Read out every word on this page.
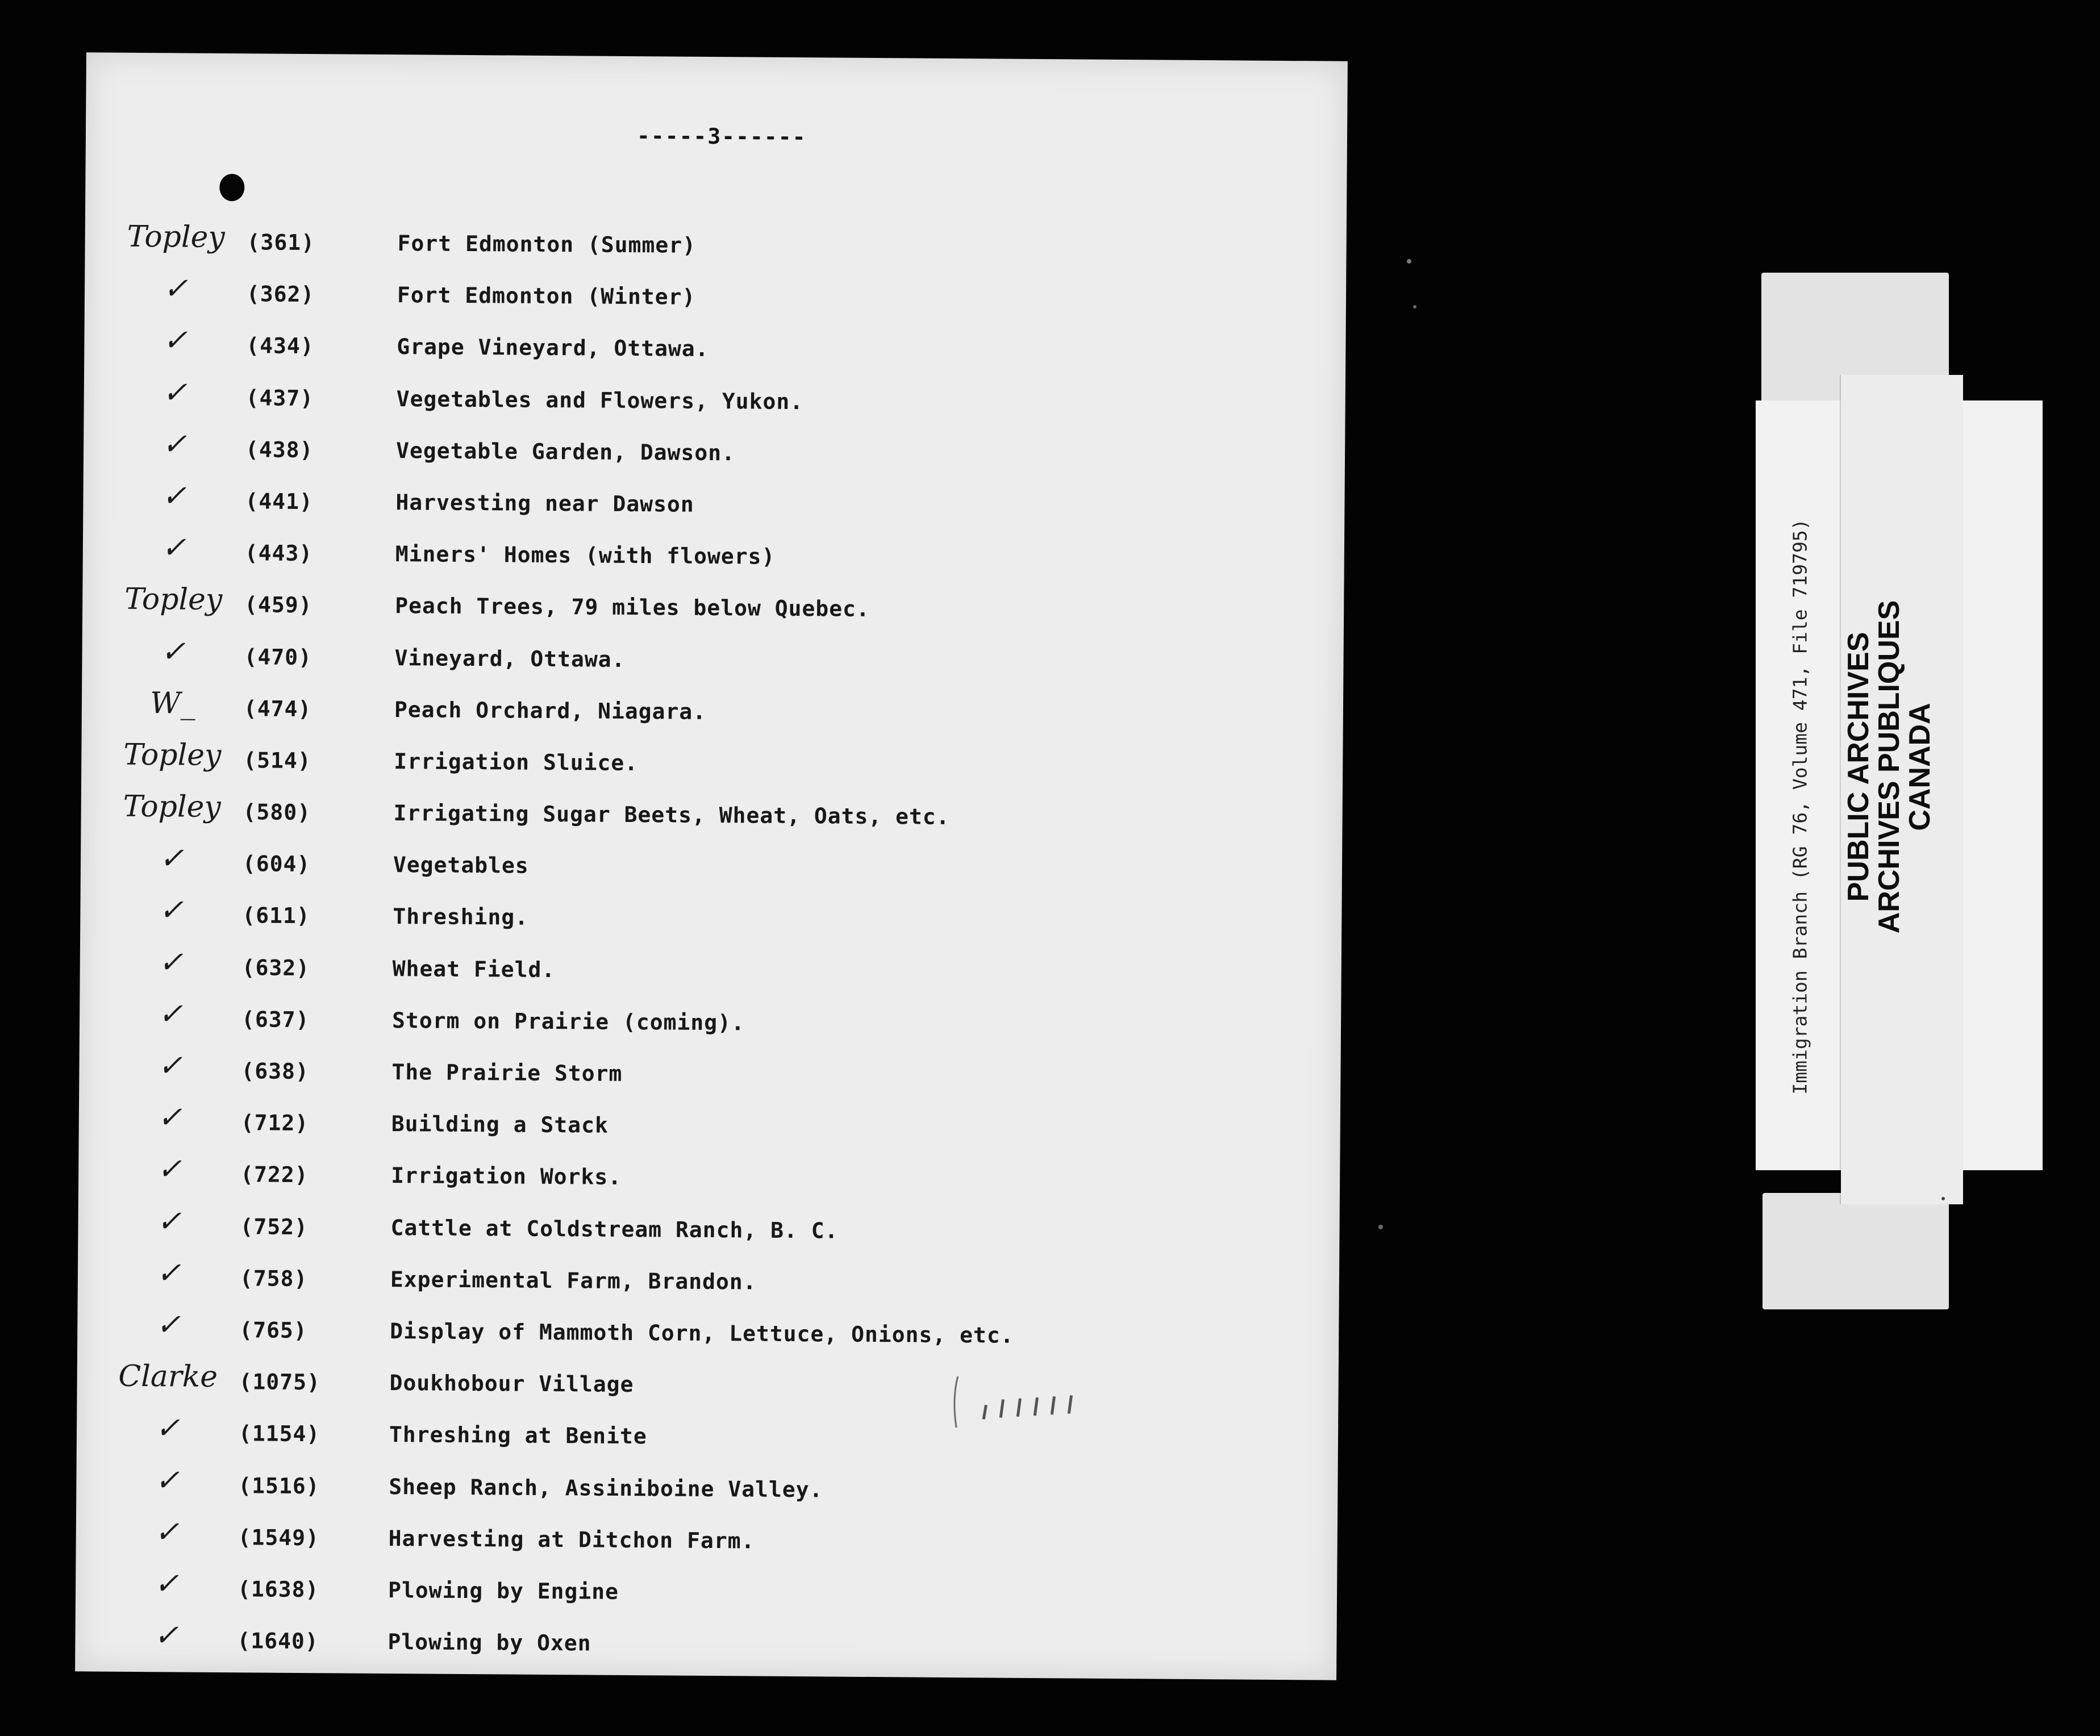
-----3------
Topley	(361)	Fort Edmonton (Summer)
✓	(362)	Fort Edmonton (Winter)
✓	(434)	Grape Vineyard, Ottawa.
✓	(437)	Vegetables and Flowers, Yukon.
✓	(438)	Vegetable Garden, Dawson.
✓	(441)	Harvesting near Dawson
✓	(443)	Miners' Homes (with flowers)
Topley	(459)	Peach Trees, 79 miles below Quebec.
✓	(470)	Vineyard, Ottawa.
W_	(474)	Peach Orchard, Niagara.
Topley	(514)	Irrigation Sluice.
Topley	(580)	Irrigating Sugar Beets, Wheat, Oats, etc.
✓	(604)	Vegetables
✓	(611)	Threshing.
✓	(632)	Wheat Field.
✓	(637)	Storm on Prairie (coming).
✓	(638)	The Prairie Storm
✓	(712)	Building a Stack
✓	(722)	Irrigation Works.
✓	(752)	Cattle at Coldstream Ranch, B. C.
✓	(758)	Experimental Farm, Brandon.
✓	(765)	Display of Mammoth Corn, Lettuce, Onions, etc.
Clarke (1075)	Doukhobour Village
✓	(1154)	Threshing at Benite
✓	(1516)	Sheep Ranch, Assiniboine Valley.
✓	(1549)	Harvesting at Ditchon Farm.
✓	(1638)	Plowing by Engine
✓	(1640)	Plowing by Oxen
Immigration Branch (RG 76, Volume 471, File 719795) PUBLIC ARCHIVES
ARCHIVES PUBLIQUES
CANADA
